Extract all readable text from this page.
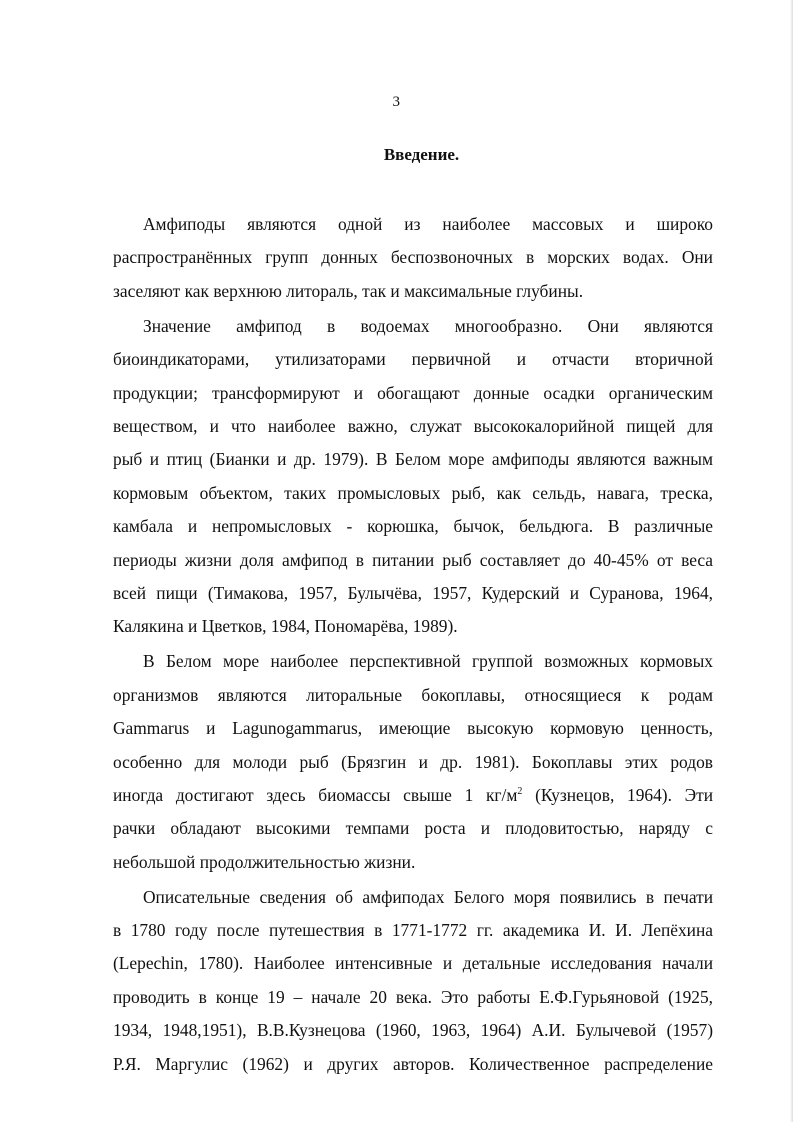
3
Введение.
Амфиподы являются одной из наиболее массовых и широко
распространённых групп донных беспозвоночных в морских водах. Они
заселяют как верхнюю литораль, так и максимальные глубины.
Значение амфипод в водоемах многообразно. Они являются
биоиндикаторами, утилизаторами первичной и отчасти вторичной
продукции; трансформируют и обогащают донные осадки органическим
веществом, и что наиболее важно, служат высококалорийной пищей для
рыб и птиц (Бианки и др. 1979). В Белом море амфиподы являются важным
кормовым объектом, таких промысловых рыб, как сельдь, навага, треска,
камбала и непромысловых - корюшка, бычок, бельдюга. В различные
периоды жизни доля амфипод в питании рыб составляет до 40-45% от веса
всей пищи (Тимакова, 1957, Булычёва, 1957, Кудерский и Суранова, 1964,
Калякина и Цветков, 1984, Пономарёва, 1989).
В Белом море наиболее перспективной группой возможных кормовых
организмов являются литоральные бокоплавы, относящиеся к родам
Gammarus и Lagunogammarus, имеющие высокую кормовую ценность,
особенно для молоди рыб (Брязгин и др. 1981). Бокоплавы этих родов
иногда достигают здесь биомассы свыше 1 $кг/м^2$ (Кузнецов, 1964). Эти
рачки обладают высокими темпами роста и плодовитостью, наряду с
небольшой продолжительностью жизни.
Описательные сведения об амфиподах Белого моря появились в печати
в 1780 году после путешествия в 1771-1772 гг. академика И. И. Лепёхина
(Lepechin, 1780). Наиболее интенсивные и детальные исследования начали
проводить в конце 19 – начале 20 века. Это работы Е.Ф.Гурьяновой (1925,
1934, 1948,1951), В.В.Кузнецова (1960, 1963, 1964) А.И. Булычевой (1957)
Р.Я. Маргулис (1962) и других авторов. Количественное распределение
